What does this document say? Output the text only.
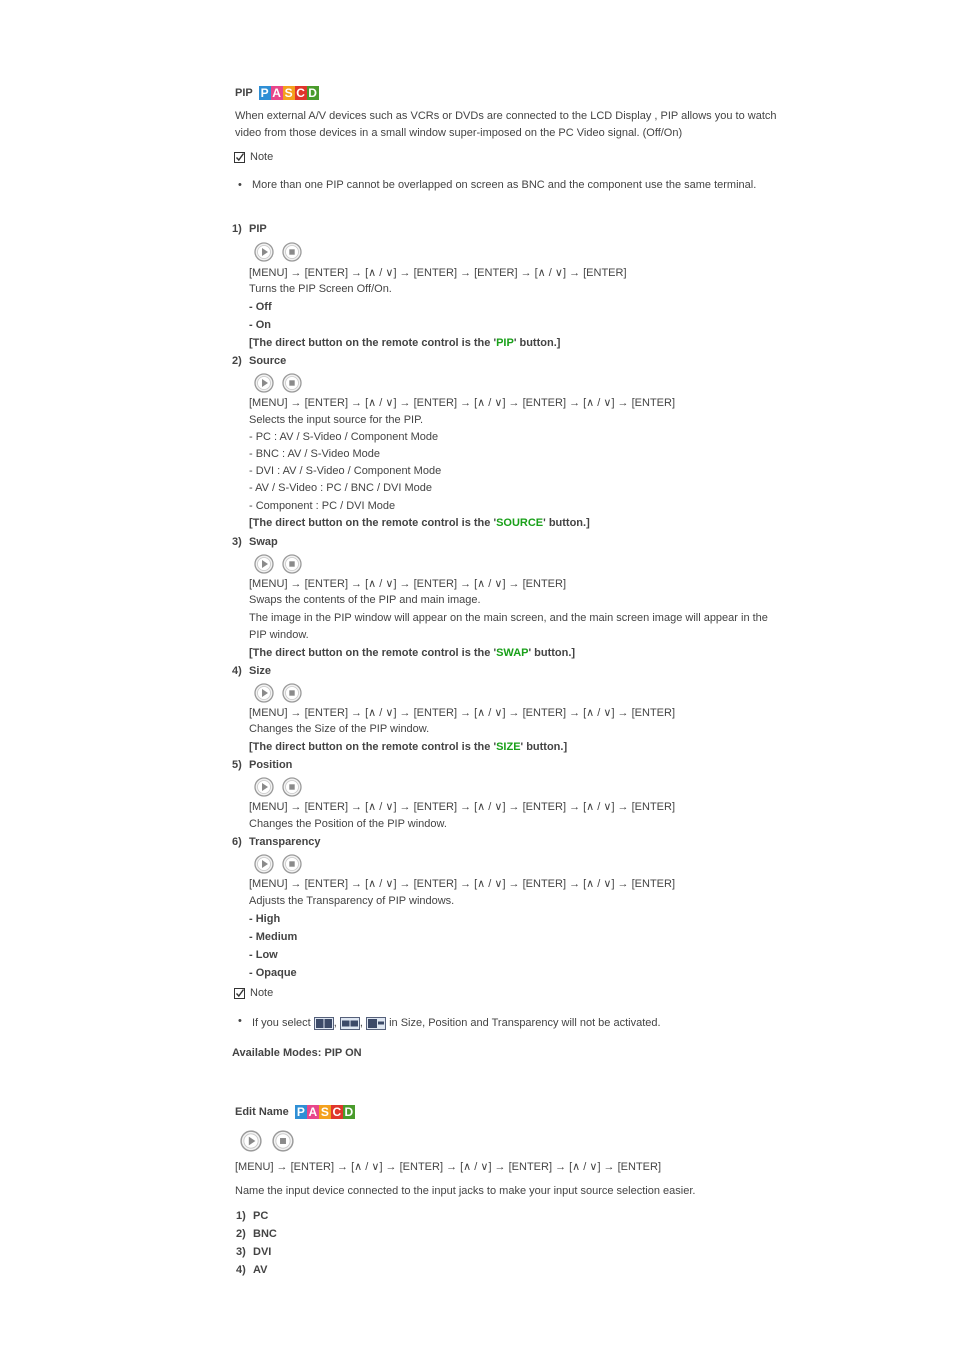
PIP P A S C D
When external A/V devices such as VCRs or DVDs are connected to the LCD Display , PIP allows you to watch
video from those devices in a small window super-imposed on the PC Video signal. (Off/On)
Note
• More than one PIP cannot be overlapped on screen as BNC and the component use the same terminal.
1) PIP
[MENU] → [ENTER] → [∧ / ∨] → [ENTER] → [ENTER] → [∧ / ∨] → [ENTER]
Turns the PIP Screen Off/On.
- Off
- On
[The direct button on the remote control is the 'PIP' button.]
2) Source
[MENU] → [ENTER] → [∧ / ∨] → [ENTER] → [∧ / ∨] → [ENTER] → [∧ / ∨] → [ENTER]
Selects the input source for the PIP.
- PC : AV / S-Video / Component Mode
- BNC : AV / S-Video Mode
- DVI : AV / S-Video / Component Mode
- AV / S-Video : PC / BNC / DVI Mode
- Component : PC / DVI Mode
[The direct button on the remote control is the 'SOURCE' button.]
3) Swap
[MENU] → [ENTER] → [∧ / ∨] → [ENTER] → [∧ / ∨] → [ENTER]
Swaps the contents of the PIP and main image.
The image in the PIP window will appear on the main screen, and the main screen image will appear in the
PIP window.
[The direct button on the remote control is the 'SWAP' button.]
4) Size
[MENU] → [ENTER] → [∧ / ∨] → [ENTER] → [∧ / ∨] → [ENTER] → [∧ / ∨] → [ENTER]
Changes the Size of the PIP window.
[The direct button on the remote control is the 'SIZE' button.]
5) Position
[MENU] → [ENTER] → [∧ / ∨] → [ENTER] → [∧ / ∨] → [ENTER] → [∧ / ∨] → [ENTER]
Changes the Position of the PIP window.
6) Transparency
[MENU] → [ENTER] → [∧ / ∨] → [ENTER] → [∧ / ∨] → [ENTER] → [∧ / ∨] → [ENTER]
Adjusts the Transparency of PIP windows.
- High
- Medium
- Low
- Opaque
Note
• If you select , , in Size, Position and Transparency will not be activated.
Available Modes: PIP ON
Edit Name P A S C D
[MENU] → [ENTER] → [∧ / ∨] → [ENTER] → [∧ / ∨] → [ENTER] → [∧ / ∨] → [ENTER]
Name the input device connected to the input jacks to make your input source selection easier.
1) PC
2) BNC
3) DVI
4) AV
